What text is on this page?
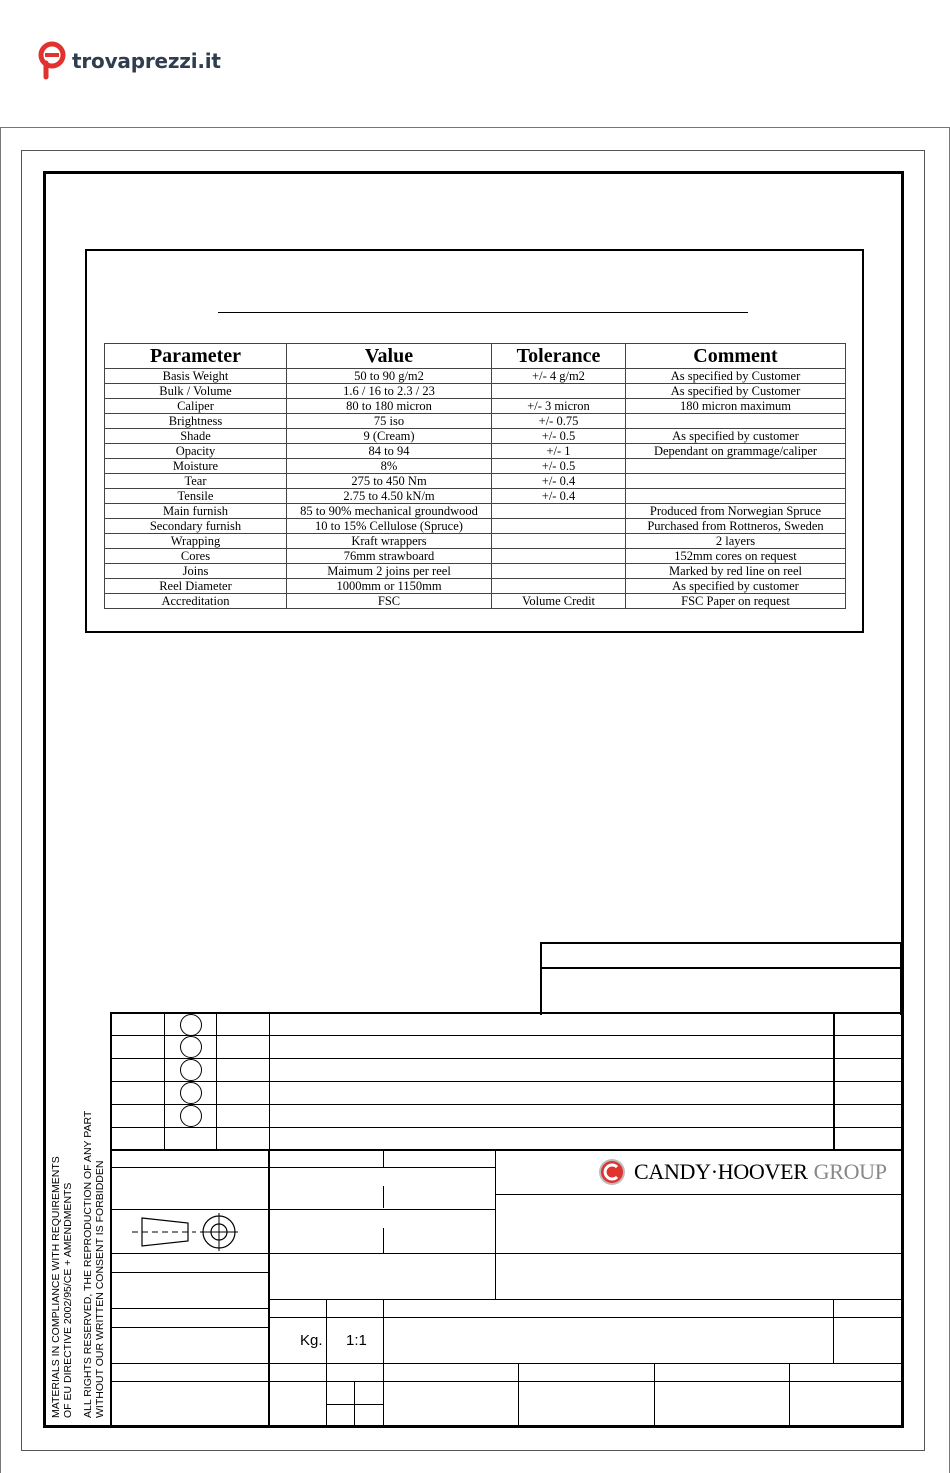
trovaprezzi.it
Parameter	Value	Tolerance	Comment
Basis Weight	50 to 90 g/m2	+/- 4 g/m2	As specified by Customer
Bulk / Volume	1.6 / 16 to 2.3 / 23		As specified by Customer
Caliper	80 to 180 micron	+/- 3 micron	180 micron maximum
Brightness	75 iso	+/- 0.75	
Shade	9 (Cream)	+/- 0.5	As specified by customer
Opacity	84 to 94	+/- 1	Dependant on grammage/caliper
Moisture	8%	+/- 0.5	
Tear	275 to 450 Nm	+/- 0.4	
Tensile	2.75 to 4.50 kN/m	+/- 0.4	
Main furnish	85 to 90% mechanical groundwood		Produced from Norwegian Spruce
Secondary furnish	10 to 15% Cellulose (Spruce)		Purchased from Rottneros, Sweden
Wrapping	Kraft wrappers		2 layers
Cores	76mm strawboard		152mm cores on request
Joins	Maimum 2 joins per reel		Marked by red line on reel
Reel Diameter	1000mm or 1150mm		As specified by customer
Accreditation	FSC	Volume Credit	FSC Paper on request
Kg. 1:1
CANDY·HOOVER GROUP
MATERIALS IN COMPLIANCE WITH REQUIREMENTS OF EU DIRECTIVE 2002/95/CE + AMENDMENTS ALL RIGHTS RESERVED, THE REPRODUCTION OF ANY PART WITHOUT OUR WRITTEN CONSENT IS FORBIDDEN
